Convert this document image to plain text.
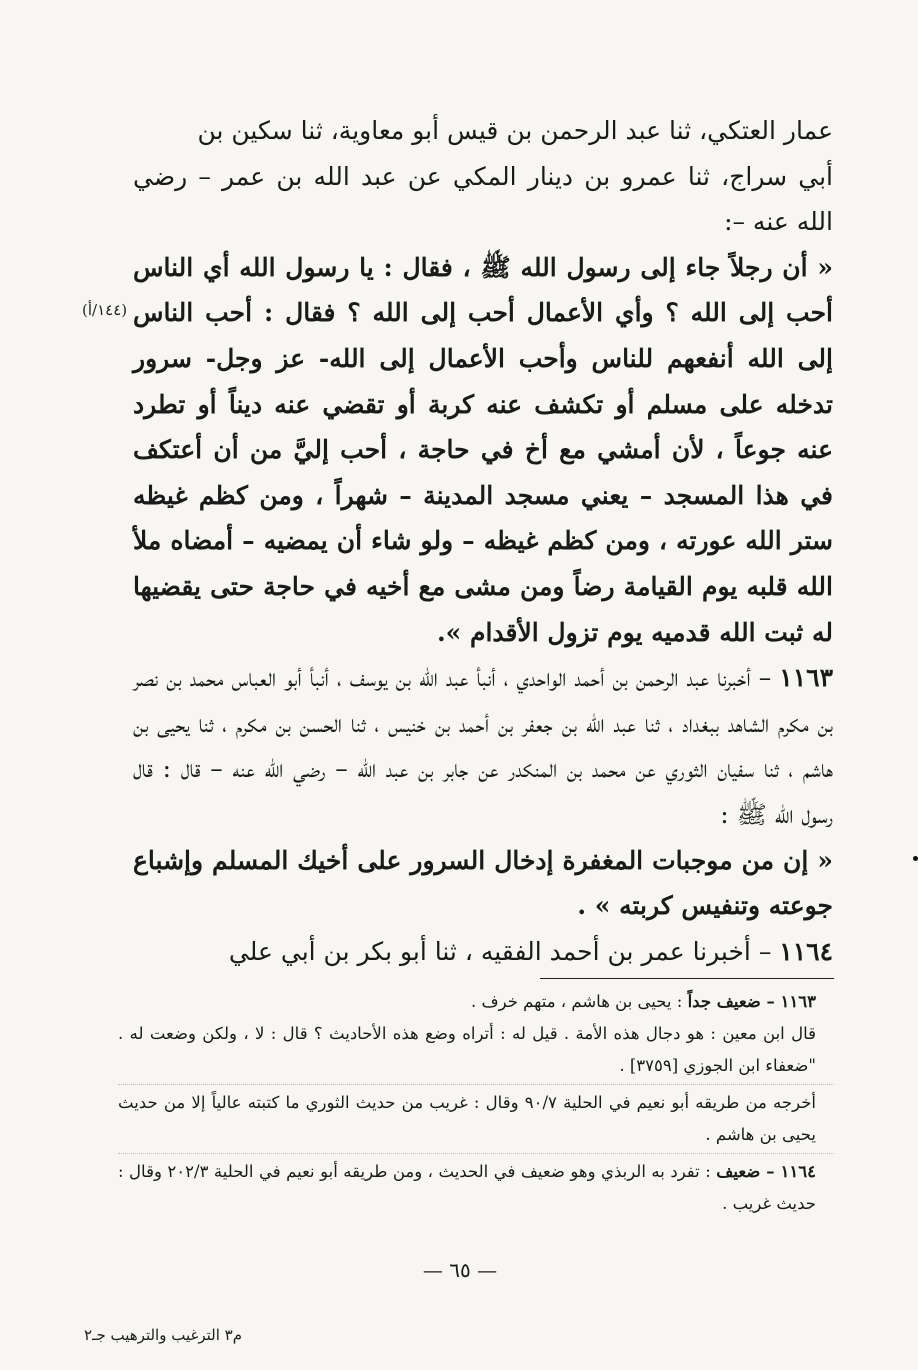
عمار العتكي، ثنا عبد الرحمن بن قيس أبو معاوية، ثنا سكين بن

أبي سراج، ثنا عمرو بن دينار المكي عن عبد الله بن عمر – رضي الله عنه –:

« أن رجلاً جاء إلى رسول الله ﷺ ، فقال : يا رسول الله أي الناس أحب إلى الله ؟ وأي الأعمال أحب إلى الله ؟ فقال : أحب الناس إلى الله أنفعهم للناس وأحب الأعمال إلى الله- عز وجل- سرور تدخله على مسلم أو تكشف عنه كربة أو تقضي عنه ديناً أو تطرد عنه جوعاً ، لأن أمشي مع أخ في حاجة ، أحب إليَّ من أن أعتكف في هذا المسجد – يعني مسجد المدينة – شهراً ، ومن كظم غيظه ستر الله عورته ، ومن كظم غيظه – ولو شاء أن يمضيه – أمضاه ملأ الله قلبه يوم القيامة رضاً ومن مشى مع أخيه في حاجة حتى يقضيها له ثبت الله قدميه يوم تزول الأقدام ».

١١٦٣ – أخبرنا عبد الرحمن بن أحمد الواحدي ، أنبأ عبد الله بن يوسف ، أنبأ أبو العباس محمد بن نصر بن مكرم الشاهد ببغداد ، ثنا عبد الله بن جعفر بن أحمد بن خنيس ، ثنا الحسن بن مكرم ، ثنا يحيى بن هاشم ، ثنا سفيان الثوري عن محمد بن المنكدر عن جابر بن عبد الله – رضي الله عنه – قال : قال رسول الله ﷺ :

« إن من موجبات المغفرة إدخال السرور على أخيك المسلم وإشباع جوعته وتنفيس كربته » .

١١٦٤ – أخبرنا عمر بن أحمد الفقيه ، ثنا أبو بكر بن أبي علي

(١٤٤/أ)

١١٦٣ – ضعيف جداً : يحيى بن هاشم ، متهم خرف .

قال ابن معين : هو دجال هذه الأمة . قيل له : أتراه وضع هذه الأحاديث ؟ قال : لا ، ولكن وضعت له . "ضعفاء ابن الجوزي [٣٧٥٩] .

أخرجه من طريقه أبو نعيم في الحلية ٩٠/٧ وقال : غريب من حديث الثوري ما كتبته عالياً إلا من حديث يحيى بن هاشم .

١١٦٤ – ضعيف : تفرد به الربذي وهو ضعيف في الحديث ، ومن طريقه أبو نعيم في الحلية ٢٠٢/٣ وقال : حديث غريب .

— ٦٥ —
م٣ الترغيب والترهيب جـ٢
